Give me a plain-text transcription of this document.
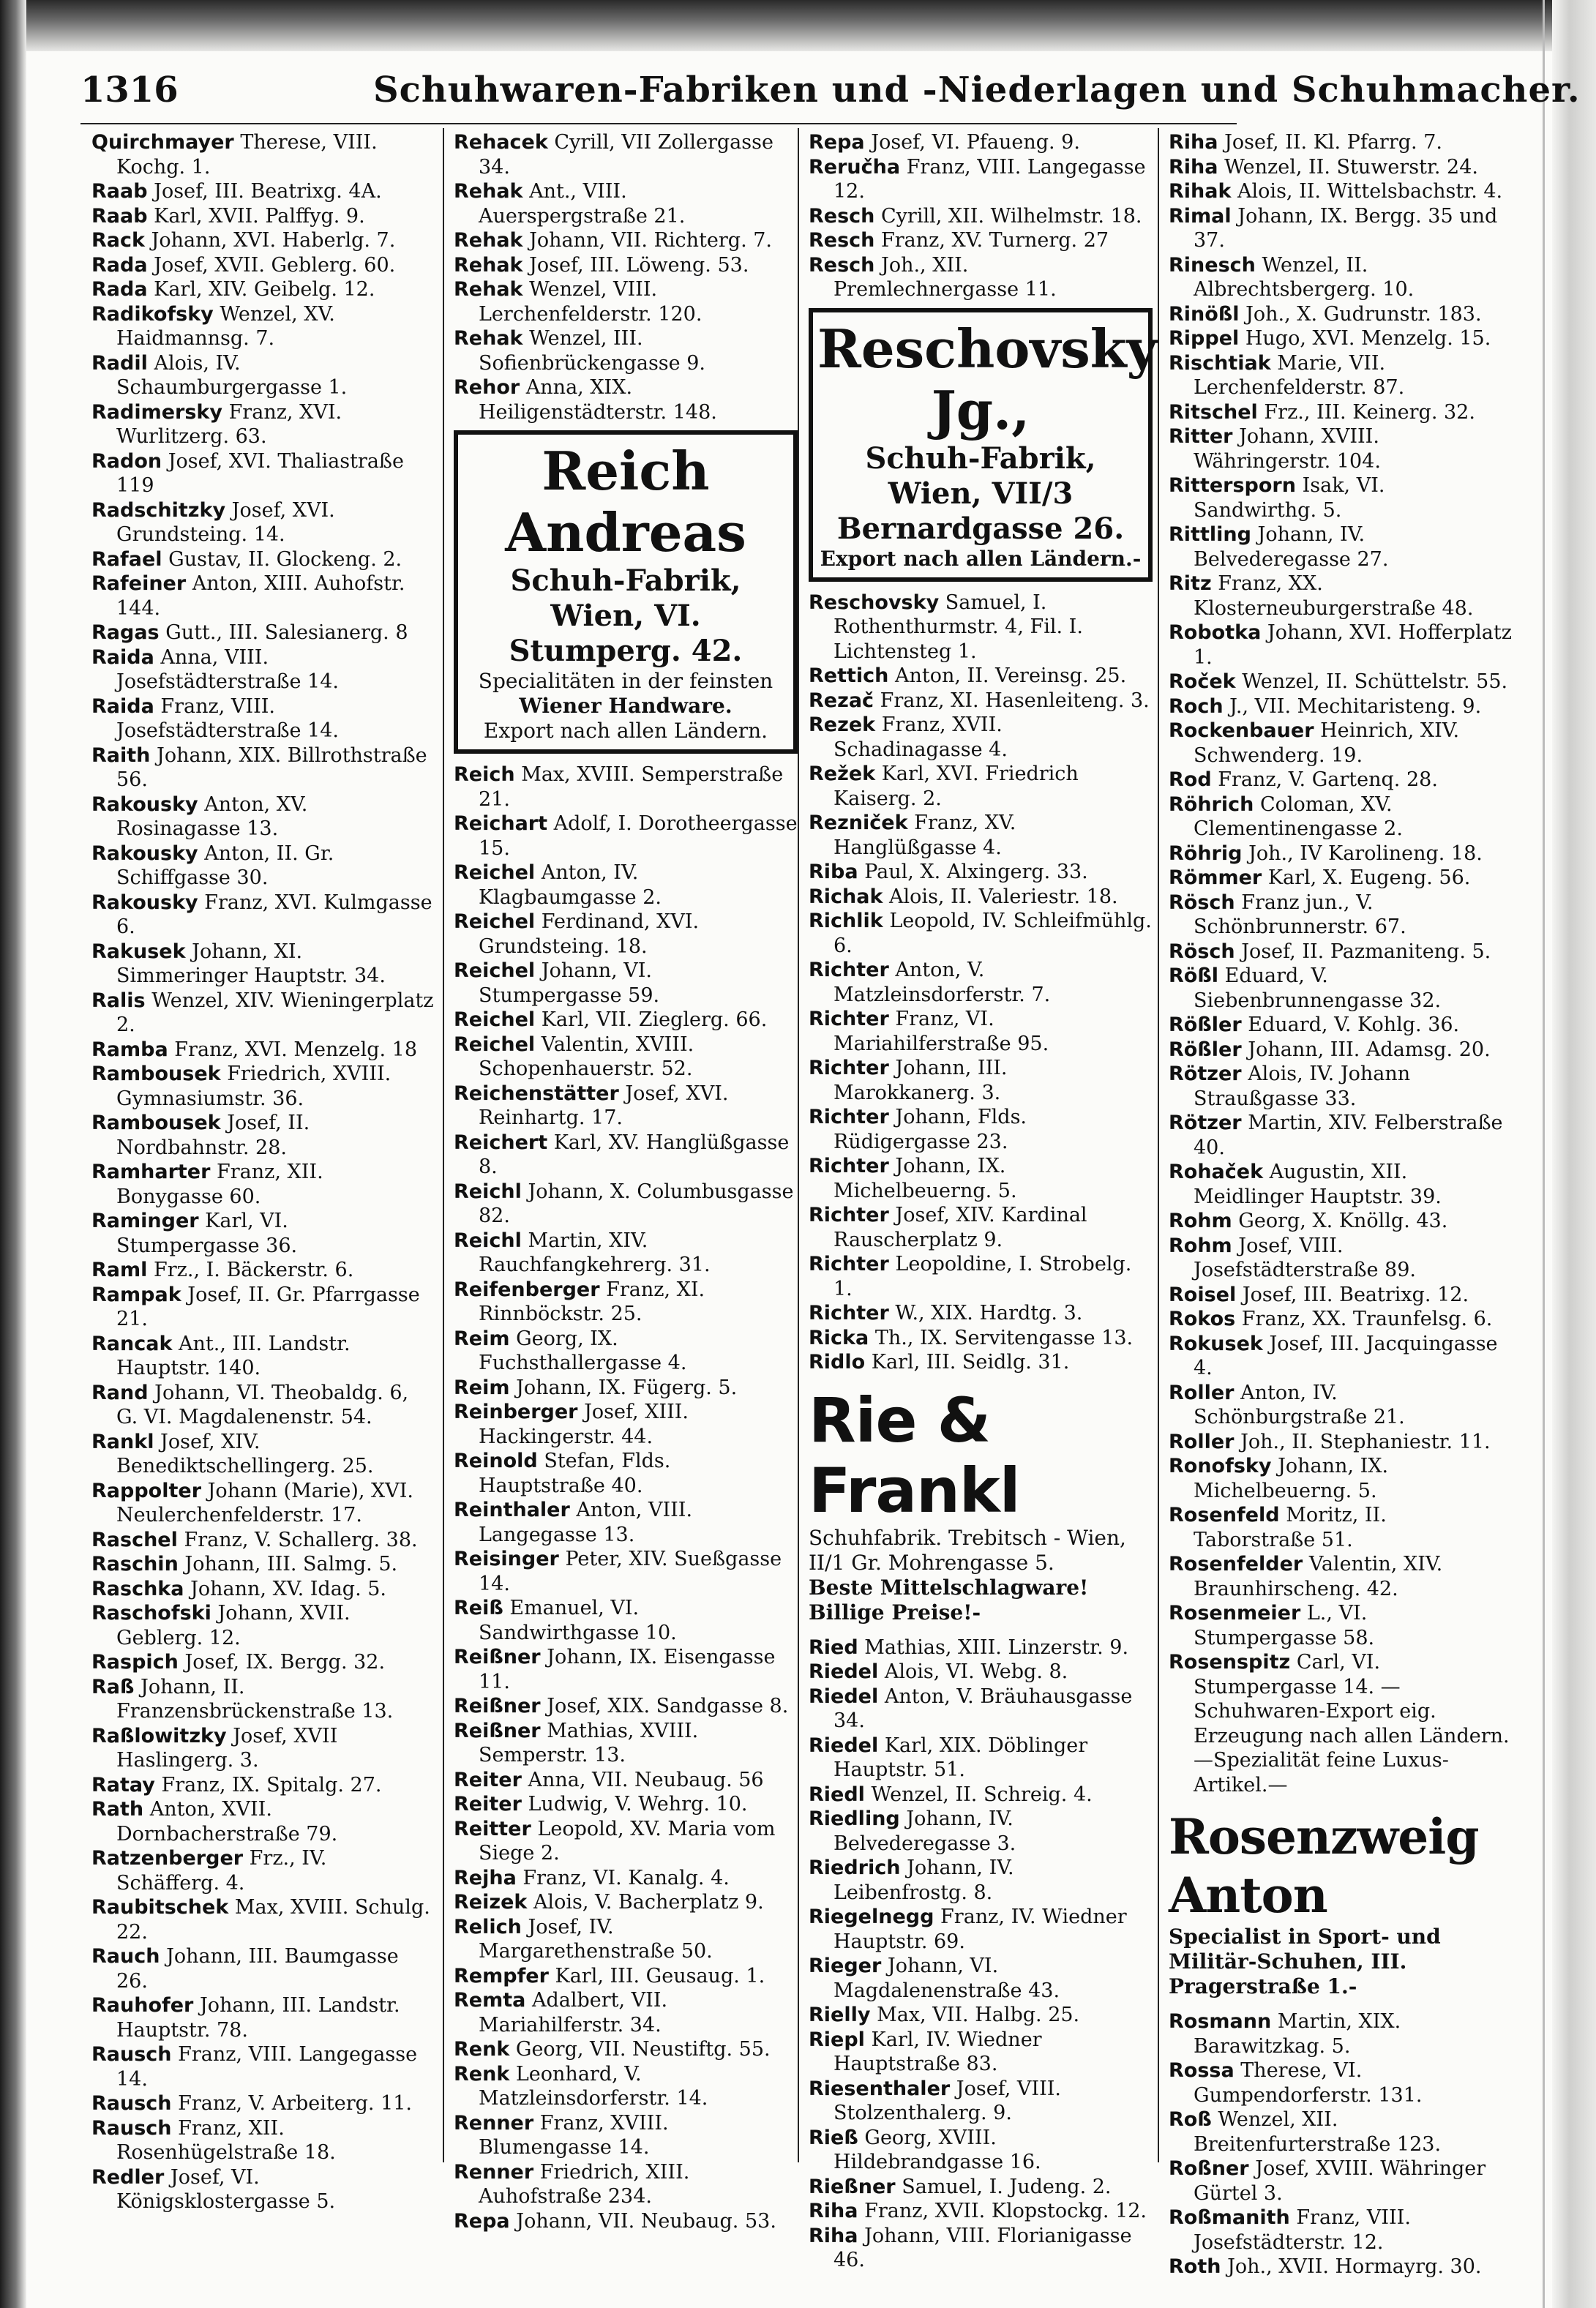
1316	Schuhwaren-Fabriken und -Niederlagen und Schuhmacher.

Quirchmayer Therese, VIII. Kochg. 1.

Raab Josef, III. Beatrixg. 4A.

Raab Karl, XVII. Palffyg. 9.

Rack Johann, XVI. Haberlg. 7.

Rada Josef, XVII. Geblerg. 60.

Rada Karl, XIV. Geibelg. 12.

Radikofsky Wenzel, XV. Haidmannsg. 7.

Radil Alois, IV. Schaumburgergasse 1.

Radimersky Franz, XVI. Wurlitzerg. 63.

Radon Josef, XVI. Thaliastraße 119

Radschitzky Josef, XVI. Grundsteing. 14.

Rafael Gustav, II. Glockeng. 2.

Rafeiner Anton, XIII. Auhofstr. 144.

Ragas Gutt., III. Salesianerg. 8

Raida Anna, VIII. Josefstädterstraße 14.

Raida Franz, VIII. Josefstädterstraße 14.

Raith Johann, XIX. Billrothstraße 56.

Rakousky Anton, XV. Rosinagasse 13.

Rakousky Anton, II. Gr. Schiffgasse 30.

Rakousky Franz, XVI. Kulmgasse 6.

Rakusek Johann, XI. Simmeringer Hauptstr. 34.

Ralis Wenzel, XIV. Wieningerplatz 2.

Ramba Franz, XVI. Menzelg. 18

Rambousek Friedrich, XVIII. Gymnasiumstr. 36.

Rambousek Josef, II. Nordbahnstr. 28.

Ramharter Franz, XII. Bonygasse 60.

Raminger Karl, VI. Stumpergasse 36.

Raml Frz., I. Bäckerstr. 6.

Rampak Josef, II. Gr. Pfarrgasse 21.

Rancak Ant., III. Landstr. Hauptstr. 140.

Rand Johann, VI. Theobaldg. 6, G. VI. Magdalenenstr. 54.

Rankl Josef, XIV. Benediktschellingerg. 25.

Rappolter Johann (Marie), XVI. Neulerchenfelderstr. 17.

Raschel Franz, V. Schallerg. 38.

Raschin Johann, III. Salmg. 5.

Raschka Johann, XV. Idag. 5.

Raschofski Johann, XVII. Geblerg. 12.

Raspich Josef, IX. Bergg. 32.

Raß Johann, II. Franzensbrückenstraße 13.

Raßlowitzky Josef, XVII Haslingerg. 3.

Ratay Franz, IX. Spitalg. 27.

Rath Anton, XVII. Dornbacherstraße 79.

Ratzenberger Frz., IV. Schäfferg. 4.

Raubitschek Max, XVIII. Schulg. 22.

Rauch Johann, III. Baumgasse 26.

Rauhofer Johann, III. Landstr. Hauptstr. 78.

Rausch Franz, VIII. Langegasse 14.

Rausch Franz, V. Arbeiterg. 11.

Rausch Franz, XII. Rosenhügelstraße 18.

Redler Josef, VI. Königsklostergasse 5.

Rehacek Cyrill, VII Zollergasse 34.

Rehak Ant., VIII. Auerspergstraße 21.

Rehak Johann, VII. Richterg. 7.

Rehak Josef, III. Löweng. 53.

Rehak Wenzel, VIII. Lerchenfelderstr. 120.

Rehak Wenzel, III. Sofienbrückengasse 9.

Rehor Anna, XIX. Heiligenstädterstr. 148.

Reich Andreas
Schuh-Fabrik,
Wien, VI. Stumperg. 42.
Specialitäten in der feinsten
Wiener Handware.
Export nach allen Ländern.

Reich Max, XVIII. Semperstraße 21.

Reichart Adolf, I. Dorotheergasse 15.

Reichel Anton, IV. Klagbaumgasse 2.

Reichel Ferdinand, XVI. Grundsteing. 18.

Reichel Johann, VI. Stumpergasse 59.

Reichel Karl, VII. Zieglerg. 66.

Reichel Valentin, XVIII. Schopenhauerstr. 52.

Reichenstätter Josef, XVI. Reinhartg. 17.

Reichert Karl, XV. Hanglüßgasse 8.

Reichl Johann, X. Columbusgasse 82.

Reichl Martin, XIV. Rauchfangkehrerg. 31.

Reifenberger Franz, XI. Rinnböckstr. 25.

Reim Georg, IX. Fuchsthallergasse 4.

Reim Johann, IX. Fügerg. 5.

Reinberger Josef, XIII. Hackingerstr. 44.

Reinold Stefan, Flds. Hauptstraße 40.

Reinthaler Anton, VIII. Langegasse 13.

Reisinger Peter, XIV. Sueßgasse 14.

Reiß Emanuel, VI. Sandwirthgasse 10.

Reißner Johann, IX. Eisengasse 11.

Reißner Josef, XIX. Sandgasse 8.

Reißner Mathias, XVIII. Semperstr. 13.

Reiter Anna, VII. Neubaug. 56

Reiter Ludwig, V. Wehrg. 10.

Reitter Leopold, XV. Maria vom Siege 2.

Rejha Franz, VI. Kanalg. 4.

Reizek Alois, V. Bacherplatz 9.

Relich Josef, IV. Margarethenstraße 50.

Rempfer Karl, III. Geusaug. 1.

Remta Adalbert, VII. Mariahilferstr. 34.

Renk Georg, VII. Neustiftg. 55.

Renk Leonhard, V. Matzleinsdorferstr. 14.

Renner Franz, XVIII. Blumengasse 14.

Renner Friedrich, XIII. Auhofstraße 234.

Repa Johann, VII. Neubaug. 53.

Repa Josef, VI. Pfaueng. 9.

Reručha Franz, VIII. Langegasse 12.

Resch Cyrill, XII. Wilhelmstr. 18.

Resch Franz, XV. Turnerg. 27

Resch Joh., XII. Premlechnergasse 11.

Reschovsky Jg.,
Schuh-Fabrik,
Wien, VII/3 Bernardgasse 26.
Export nach allen Ländern.-

Reschovsky Samuel, I. Rothenthurmstr. 4, Fil. I. Lichtensteg 1.

Rettich Anton, II. Vereinsg. 25.

Rezač Franz, XI. Hasenleiteng. 3.

Rezek Franz, XVII. Schadinagasse 4.

Režek Karl, XVI. Friedrich Kaiserg. 2.

Rezniček Franz, XV. Hanglüßgasse 4.

Riba Paul, X. Alxingerg. 33.

Richak Alois, II. Valeriestr. 18.

Richlik Leopold, IV. Schleifmühlg. 6.

Richter Anton, V. Matzleinsdorferstr. 7.

Richter Franz, VI. Mariahilferstraße 95.

Richter Johann, III. Marokkanerg. 3.

Richter Johann, Flds. Rüdigergasse 23.

Richter Johann, IX. Michelbeuerng. 5.

Richter Josef, XIV. Kardinal Rauscherplatz 9.

Richter Leopoldine, I. Strobelg. 1.

Richter W., XIX. Hardtg. 3.

Ricka Th., IX. Servitengasse 13.

Ridlo Karl, III. Seidlg. 31.

Rie & Frankl
Schuhfabrik. Trebitsch - Wien, II/1 Gr. Mohrengasse 5.
Beste Mittelschlagware! Billige Preise!-

Ried Mathias, XIII. Linzerstr. 9.

Riedel Alois, VI. Webg. 8.

Riedel Anton, V. Bräuhausgasse 34.

Riedel Karl, XIX. Döblinger Hauptstr. 51.

Riedl Wenzel, II. Schreig. 4.

Riedling Johann, IV. Belvederegasse 3.

Riedrich Johann, IV. Leibenfrostg. 8.

Riegelnegg Franz, IV. Wiedner Hauptstr. 69.

Rieger Johann, VI. Magdalenenstraße 43.

Rielly Max, VII. Halbg. 25.

Riepl Karl, IV. Wiedner Hauptstraße 83.

Riesenthaler Josef, VIII. Stolzenthalerg. 9.

Rieß Georg, XVIII. Hildebrandgasse 16.

Rießner Samuel, I. Judeng. 2.

Riha Franz, XVII. Klopstockg. 12.

Riha Johann, VIII. Florianigasse 46.

Riha Josef, II. Kl. Pfarrg. 7.

Riha Wenzel, II. Stuwerstr. 24.

Rihak Alois, II. Wittelsbachstr. 4.

Rimal Johann, IX. Bergg. 35 und 37.

Rinesch Wenzel, II. Albrechtsbergerg. 10.

Rinößl Joh., X. Gudrunstr. 183.

Rippel Hugo, XVI. Menzelg. 15.

Rischtiak Marie, VII. Lerchenfelderstr. 87.

Ritschel Frz., III. Keinerg. 32.

Ritter Johann, XVIII. Währingerstr. 104.

Rittersporn Isak, VI. Sandwirthg. 5.

Rittling Johann, IV. Belvederegasse 27.

Ritz Franz, XX. Klosterneuburgerstraße 48.

Robotka Johann, XVI. Hofferplatz 1.

Roček Wenzel, II. Schüttelstr. 55.

Roch J., VII. Mechitaristeng. 9.

Rockenbauer Heinrich, XIV. Schwenderg. 19.

Rod Franz, V. Gartenq. 28.

Röhrich Coloman, XV. Clementinengasse 2.

Röhrig Joh., IV Karolineng. 18.

Römmer Karl, X. Eugeng. 56.

Rösch Franz jun., V. Schönbrunnerstr. 67.

Rösch Josef, II. Pazmaniteng. 5.

Rößl Eduard, V. Siebenbrunnengasse 32.

Rößler Eduard, V. Kohlg. 36.

Rößler Johann, III. Adamsg. 20.

Rötzer Alois, IV. Johann Straußgasse 33.

Rötzer Martin, XIV. Felberstraße 40.

Rohaček Augustin, XII. Meidlinger Hauptstr. 39.

Rohm Georg, X. Knöllg. 43.

Rohm Josef, VIII. Josefstädterstraße 89.

Roisel Josef, III. Beatrixg. 12.

Rokos Franz, XX. Traunfelsg. 6.

Rokusek Josef, III. Jacquingasse 4.

Roller Anton, IV. Schönburgstraße 21.

Roller Joh., II. Stephaniestr. 11.

Ronofsky Johann, IX. Michelbeuerng. 5.

Rosenfeld Moritz, II. Taborstraße 51.

Rosenfelder Valentin, XIV. Braunhirscheng. 42.

Rosenmeier L., VI. Stumpergasse 58.

Rosenspitz Carl, VI. Stumpergasse 14. —Schuhwaren-Export eig. Erzeugung nach allen Ländern.—Spezialität feine Luxus-Artikel.—

Rosenzweig Anton
Specialist in Sport- und Militär-Schuhen, III. Pragerstraße 1.-

Rosmann Martin, XIX. Barawitzkag. 5.

Rossa Therese, VI. Gumpendorferstr. 131.

Roß Wenzel, XII. Breitenfurterstraße 123.

Roßner Josef, XVIII. Währinger Gürtel 3.

Roßmanith Franz, VIII. Josefstädterstr. 12.

Roth Joh., XVII. Hormayrg. 30.
